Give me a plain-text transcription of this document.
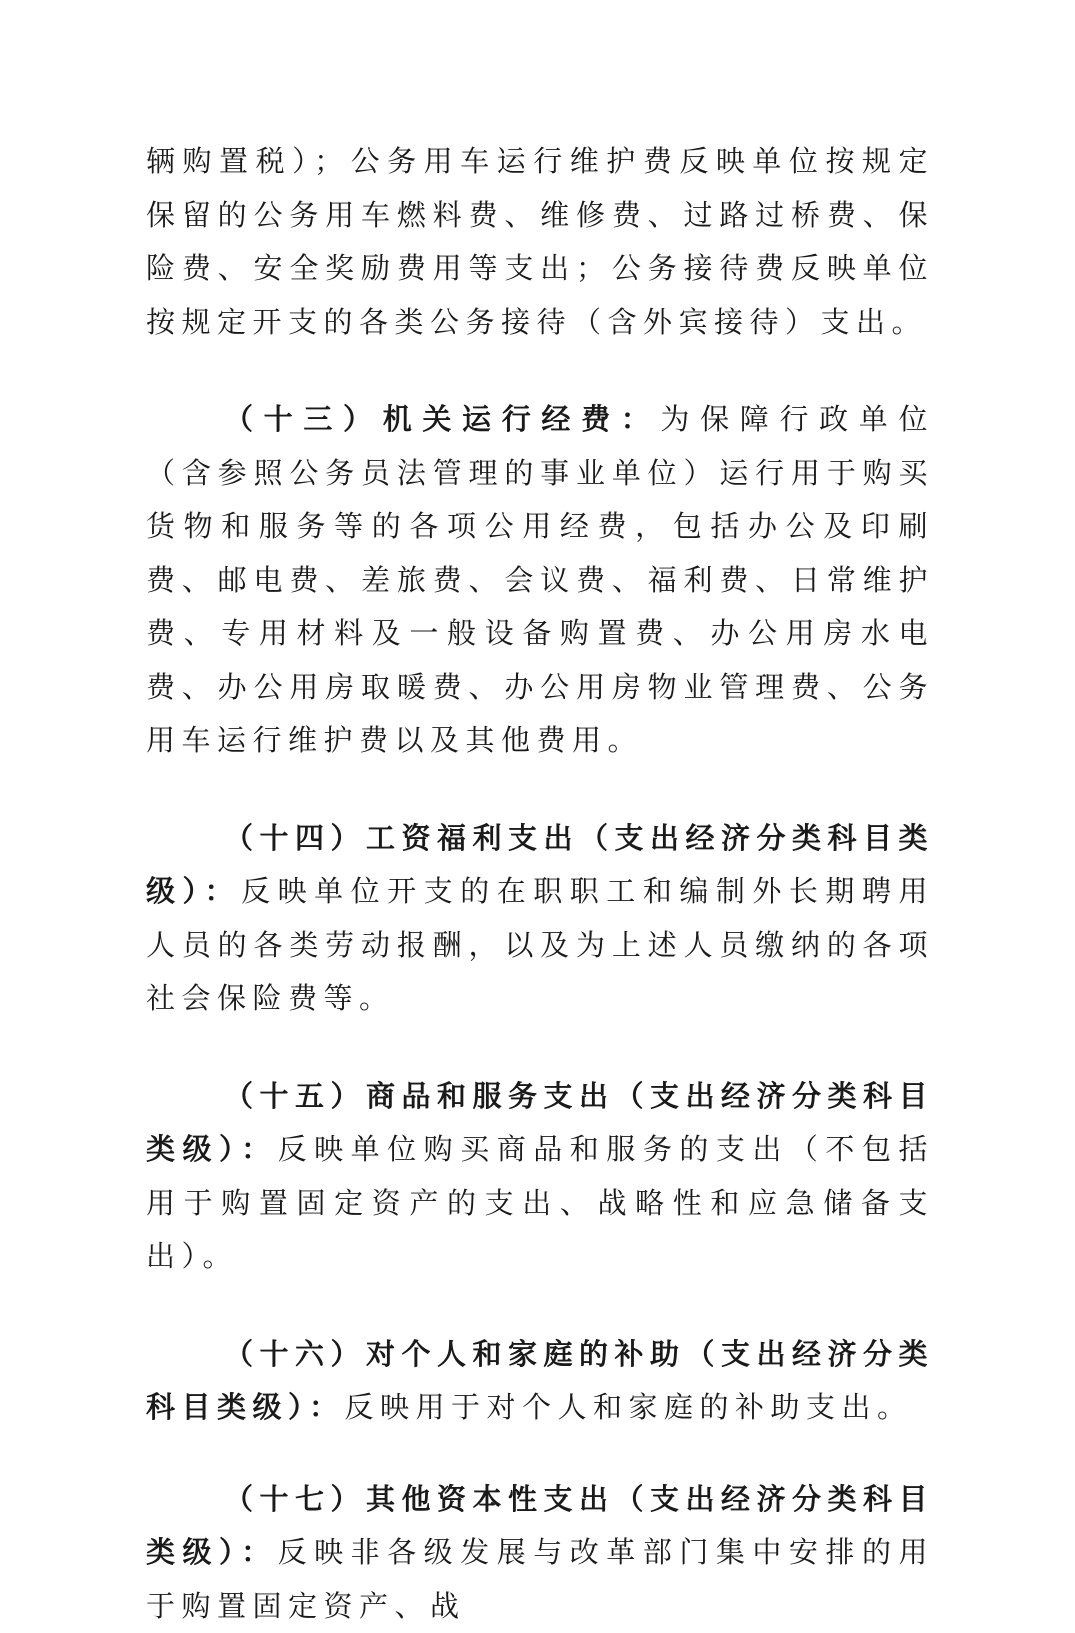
辆购置税）；公务用车运行维护费反映单位按规定保留的公务用车燃料费、维修费、过路过桥费、保险费、安全奖励费用等支出；公务接待费反映单位按规定开支的各类公务接待（含外宾接待）支出。

（十三）机关运行经费：为保障行政单位（含参照公务员法管理的事业单位）运行用于购买货物和服务等的各项公用经费，包括办公及印刷费、邮电费、差旅费、会议费、福利费、日常维护费、专用材料及一般设备购置费、办公用房水电费、办公用房取暖费、办公用房物业管理费、公务用车运行维护费以及其他费用。

（十四）工资福利支出（支出经济分类科目类级）：反映单位开支的在职职工和编制外长期聘用人员的各类劳动报酬，以及为上述人员缴纳的各项社会保险费等。

（十五）商品和服务支出（支出经济分类科目类级）：反映单位购买商品和服务的支出（不包括用于购置固定资产的支出、战略性和应急储备支出）。

（十六）对个人和家庭的补助（支出经济分类科目类级）：反映用于对个人和家庭的补助支出。

（十七）其他资本性支出（支出经济分类科目类级）：反映非各级发展与改革部门集中安排的用于购置固定资产、战
